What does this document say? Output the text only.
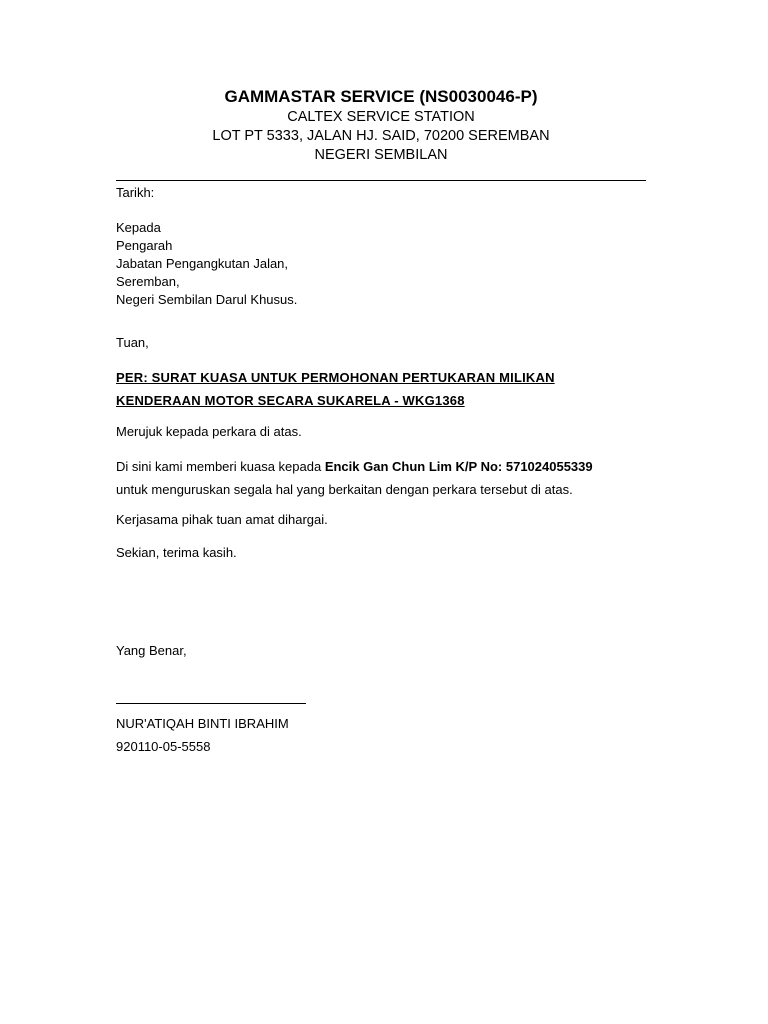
GAMMASTAR SERVICE (NS0030046-P)

CALTEX SERVICE STATION

LOT PT 5333, JALAN HJ. SAID, 70200 SEREMBAN

NEGERI SEMBILAN

Tarikh:
Kepada
Pengarah
Jabatan Pengangkutan Jalan,
Seremban,
Negeri Sembilan Darul Khusus.
Tuan,
PER: SURAT KUASA UNTUK PERMOHONAN PERTUKARAN MILIKAN
KENDERAAN MOTOR SECARA SUKARELA - WKG1368
Merujuk kepada perkara di atas.
Di sini kami memberi kuasa kepada Encik Gan Chun Lim K/P No: 571024055339
untuk menguruskan segala hal yang berkaitan dengan perkara tersebut di atas.
Kerjasama pihak tuan amat dihargai.
Sekian, terima kasih.
Yang Benar,
NUR'ATIQAH BINTI IBRAHIM
920110-05-5558
